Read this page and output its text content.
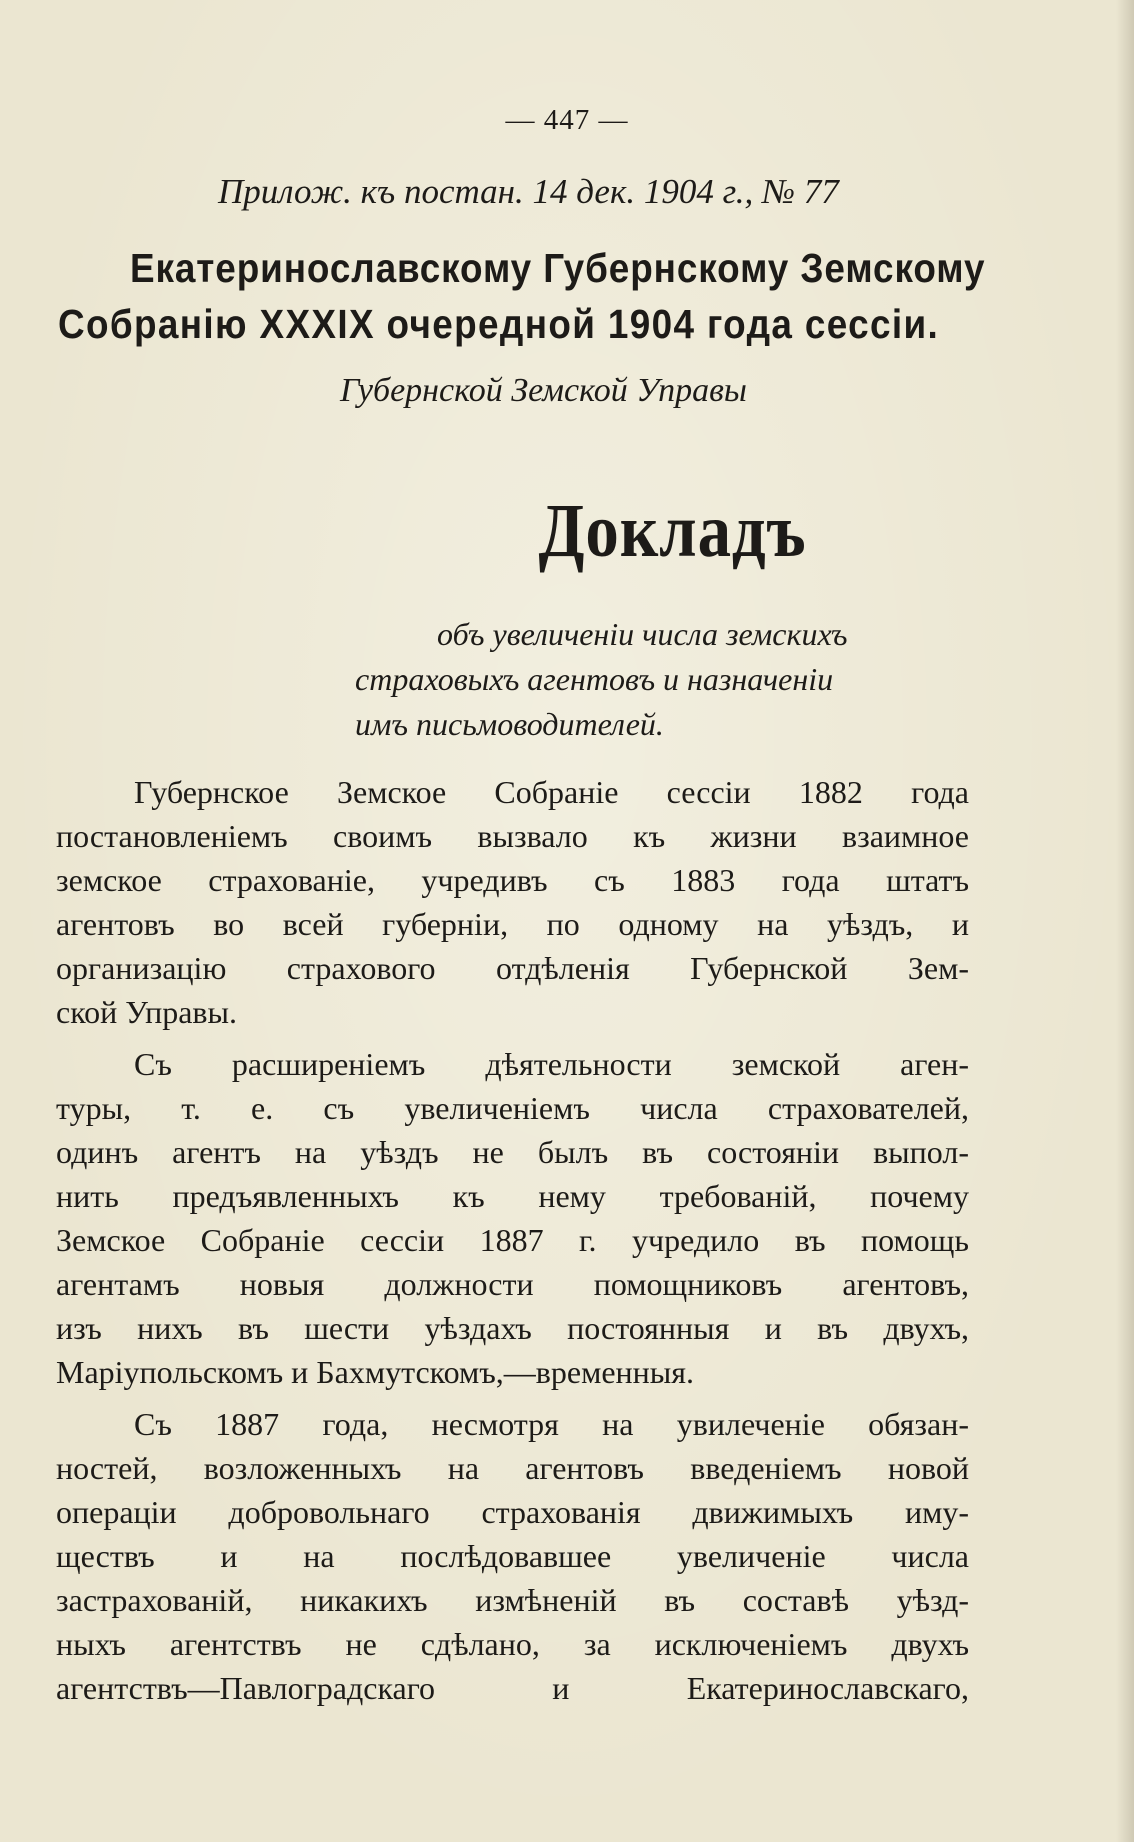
— 447 —
Прилож. къ постан. 14 дек. 1904 г., № 77
Екатеринославскому Губернскому Земскому
Собранію XXXIX очередной 1904 года сессіи.
Губернской Земской Управы
Докладъ
объ увеличеніи числа земскихъ
страховыхъ агентовъ и назначеніи
имъ письмоводителей.

Губернское Земское Собраніе сессіи 1882 года
постановленіемъ своимъ вызвало къ жизни взаимное
земское страхованіе, учредивъ съ 1883 года штатъ
агентовъ во всей губерніи, по одному на уѣздъ, и
организацію страхового отдѣленія Губернской Зем-
ской Управы.

Съ расширеніемъ дѣятельности земской аген-
туры, т. е. съ увеличеніемъ числа страхователей,
одинъ агентъ на уѣздъ не былъ въ состояніи выпол-
нить предъявленныхъ къ нему требованій, почему
Земское Собраніе сессіи 1887 г. учредило въ помощь
агентамъ новыя должности помощниковъ агентовъ,
изъ нихъ въ шести уѣздахъ постоянныя и въ двухъ,
Маріупольскомъ и Бахмутскомъ,—временныя.

Съ 1887 года, несмотря на увилеченіе обязан-
ностей, возложенныхъ на агентовъ введеніемъ новой
операціи добровольнаго страхованія движимыхъ иму-
ществъ и на послѣдовавшее увеличеніе числа
застрахованій, никакихъ измѣненій въ составѣ уѣзд-
ныхъ агентствъ не сдѣлано, за исключеніемъ двухъ
агентствъ—Павлоградскаго и Екатеринославскаго,
